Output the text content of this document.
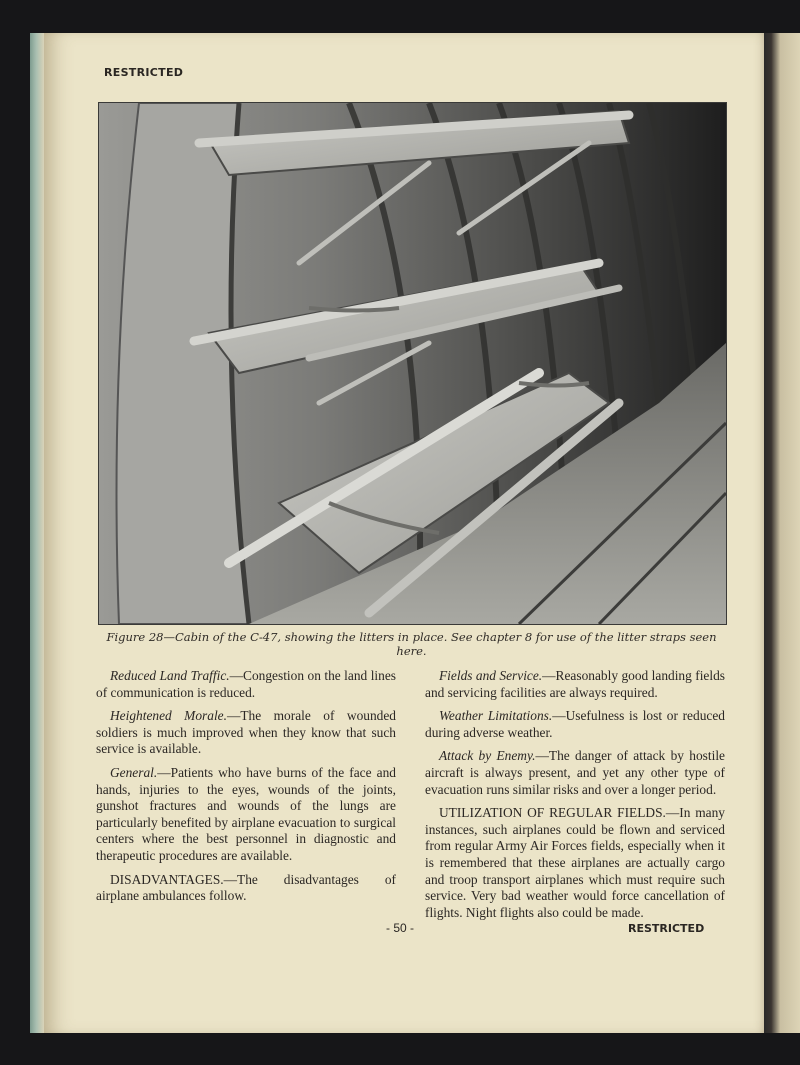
RESTRICTED
Figure 28—Cabin of the C-47, showing the litters in place. See chapter 8 for use of the litter straps seen here.

Reduced Land Traffic.—Congestion on the land lines of communication is reduced.

Heightened Morale.—The morale of wounded soldiers is much improved when they know that such service is available.

General.—Patients who have burns of the face and hands, injuries to the eyes, wounds of the joints, gunshot fractures and wounds of the lungs are particularly benefited by airplane evacuation to surgical centers where the best personnel in diagnostic and therapeutic procedures are available.

DISADVANTAGES.—The disadvantages of airplane ambulances follow.

Fields and Service.—Reasonably good landing fields and servicing facilities are always required.

Weather Limitations.—Usefulness is lost or reduced during adverse weather.

Attack by Enemy.—The danger of attack by hostile aircraft is always present, and yet any other type of evacuation runs similar risks and over a longer period.

UTILIZATION OF REGULAR FIELDS.—In many instances, such airplanes could be flown and serviced from regular Army Air Forces fields, especially when it is remembered that these airplanes are actually cargo and troop transport airplanes which must require such service. Very bad weather would force cancellation of flights. Night flights also could be made.

- 50 -	RESTRICTED
